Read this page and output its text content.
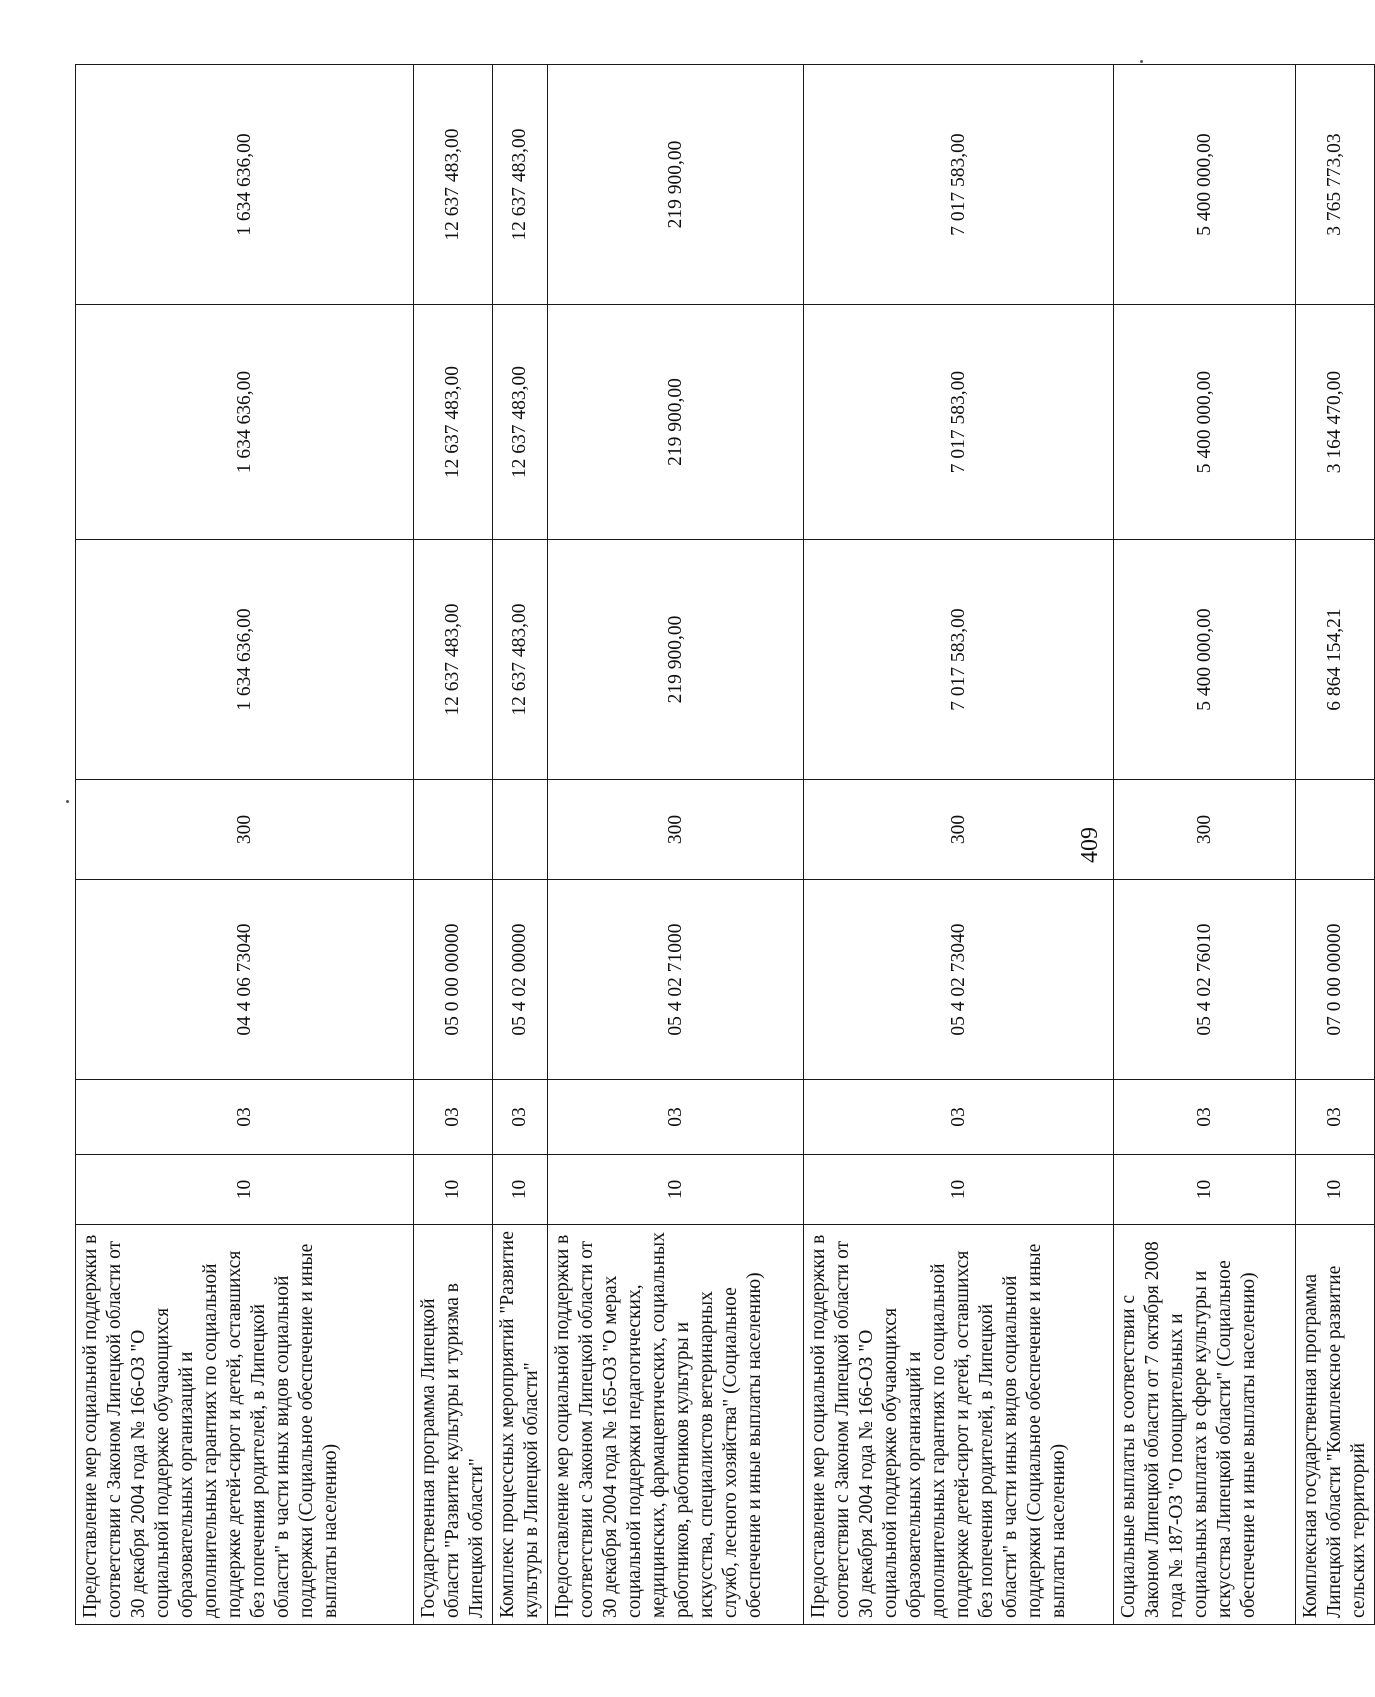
Предоставление мер социальной поддержки в соответствии с Законом Липецкой области от 30 декабря 2004 года № 166-ОЗ "О социальной поддержке обучающихся образовательных организаций и дополнительных гарантиях по социальной поддержке детей-сирот и детей, оставшихся без попечения родителей, в Липецкой области" в части иных видов социальной поддержки (Социальное обеспечение и иные выплаты населению)	10	03	04 4 06 73040	300	1 634 636,00	1 634 636,00	1 634 636,00
Государственная программа Липецкой области "Развитие культуры и туризма в Липецкой области"	10	03	05 0 00 00000		12 637 483,00	12 637 483,00	12 637 483,00
Комплекс процессных мероприятий "Развитие культуры в Липецкой области"	10	03	05 4 02 00000		12 637 483,00	12 637 483,00	12 637 483,00
Предоставление мер социальной поддержки в соответствии с Законом Липецкой области от 30 декабря 2004 года № 165-ОЗ "О мерах социальной поддержки педагогических, медицинских, фармацевтических, социальных работников, работников культуры и искусства, специалистов ветеринарных служб, лесного хозяйства" (Социальное обеспечение и иные выплаты населению)	10	03	05 4 02 71000	300	219 900,00	219 900,00	219 900,00
Предоставление мер социальной поддержки в соответствии с Законом Липецкой области от 30 декабря 2004 года № 166-ОЗ "О социальной поддержке обучающихся образовательных организаций и дополнительных гарантиях по социальной поддержке детей-сирот и детей, оставшихся без попечения родителей, в Липецкой области" в части иных видов социальной поддержки (Социальное обеспечение и иные выплаты населению)	10	03	05 4 02 73040	300	7 017 583,00	7 017 583,00	7 017 583,00
Социальные выплаты в соответствии с Законом Липецкой области от 7 октября 2008 года № 187-ОЗ "О поощрительных и социальных выплатах в сфере культуры и искусства Липецкой области" (Социальное обеспечение и иные выплаты населению)	10	03	05 4 02 76010	300	5 400 000,00	5 400 000,00	5 400 000,00
Комплексная государственная программа Липецкой области "Комплексное развитие сельских территорий	10	03	07 0 00 00000		6 864 154,21	3 164 470,00	3 765 773,03
409
